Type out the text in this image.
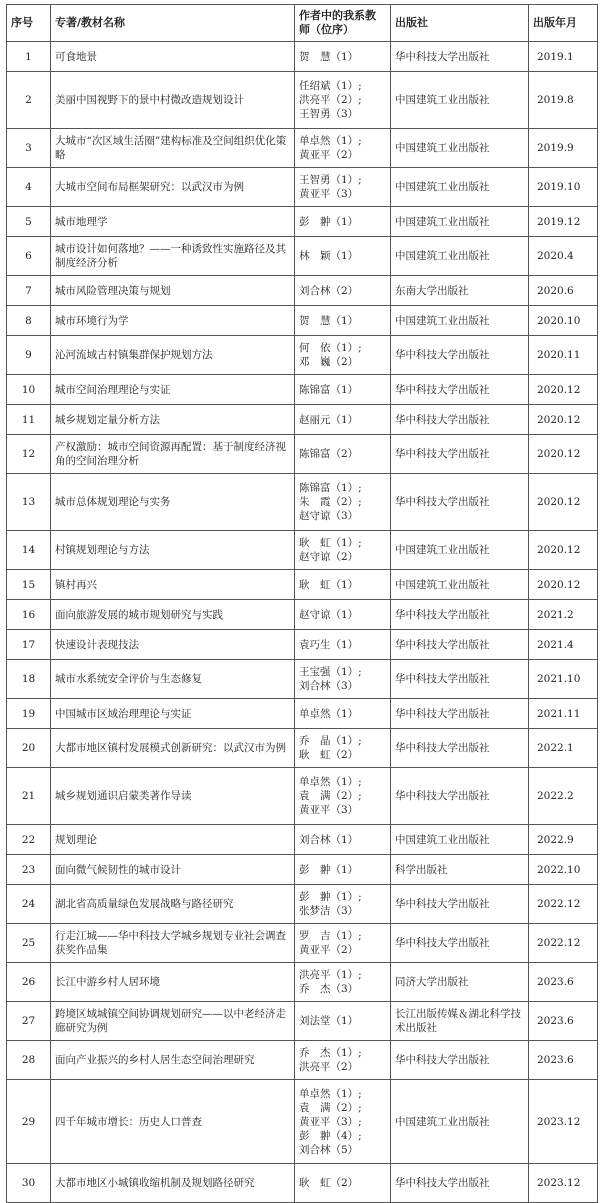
序号	专著/教材名称	作者中的我系教师（位序）	出版社	出版年月
1	可食地景	贺　慧（1）	华中科技大学出版社	2019.1
2	美丽中国视野下的景中村微改造规划设计	任绍斌（1）;
洪亮平（2）;
王智勇（3）	中国建筑工业出版社	2019.8
3	大城市“次区域生活圈”建构标准及空间组织优化策略	单卓然（1）;
黄亚平（2）	中国建筑工业出版社	2019.9
4	大城市空间布局框架研究：以武汉市为例	王智勇（1）;
黄亚平（3）	中国建筑工业出版社	2019.10
5	城市地理学	彭　翀（1）	中国建筑工业出版社	2019.12
6	城市设计如何落地？——一种诱致性实施路径及其制度经济分析	林　颖（1）	中国建筑工业出版社	2020.4
7	城市风险管理决策与规划	刘合林（2）	东南大学出版社	2020.6
8	城市环境行为学	贺　慧（1）	中国建筑工业出版社	2020.10
9	沁河流域古村镇集群保护规划方法	何　依（1）;
邓　巍（2）	华中科技大学出版社	2020.11
10	城市空间治理理论与实证	陈锦富（1）	华中科技大学出版社	2020.12
11	城乡规划定量分析方法	赵丽元（1）	华中科技大学出版社	2020.12
12	产权激励：城市空间资源再配置：基于制度经济视角的空间治理分析	陈锦富（2）	华中科技大学出版社	2020.12
13	城市总体规划理论与实务	陈锦富（1）;
朱　霞（2）;
赵守谅（3）	华中科技大学出版社	2020.12
14	村镇规划理论与方法	耿　虹（1）;
赵守谅（2）	中国建筑工业出版社	2020.12
15	镇村再兴	耿　虹（1）	中国建筑工业出版社	2020.12
16	面向旅游发展的城市规划研究与实践	赵守谅（1）	华中科技大学出版社	2021.2
17	快速设计表现技法	袁巧生（1）	华中科技大学出版社	2021.4
18	城市水系统安全评价与生态修复	王宝强（1）;
刘合林（3）	华中科技大学出版社	2021.10
19	中国城市区域治理理论与实证	单卓然（1）	华中科技大学出版社	2021.11
20	大都市地区镇村发展模式创新研究：以武汉市为例	乔　晶（1）;
耿　虹（2）	华中科技大学出版社	2022.1
21	城乡规划通识启蒙类著作导读	单卓然（1）;
袁　满（2）;
黄亚平（3）	华中科技大学出版社	2022.2
22	规划理论	刘合林（1）	中国建筑工业出版社	2022.9
23	面向微气候韧性的城市设计	彭　翀（1）	科学出版社	2022.10
24	湖北省高质量绿色发展战略与路径研究	彭　翀（1）;
张梦洁（3）	华中科技大学出版社	2022.12
25	行走江城——华中科技大学城乡规划专业社会调查获奖作品集	罗　吉（1）;
黄亚平（2）	华中科技大学出版社	2022.12
26	长江中游乡村人居环境	洪亮平（1）;
乔　杰（3）	同济大学出版社	2023.6
27	跨境区域城镇空间协调规划研究——以中老经济走廊研究为例	刘法堂（1）	长江出版传媒＆湖北科学技术出版社	2023.6
28	面向产业振兴的乡村人居生态空间治理研究	乔　杰（1）;
洪亮平（2）	华中科技大学出版社	2023.6
29	四千年城市增长：历史人口普查	单卓然（1）;
袁　满（2）;
黄亚平（3）;
彭　翀（4）;
刘合林（5）	中国建筑工业出版社	2023.12
30	大都市地区小城镇收缩机制及规划路径研究	耿　虹（2）	华中科技大学出版社	2023.12
